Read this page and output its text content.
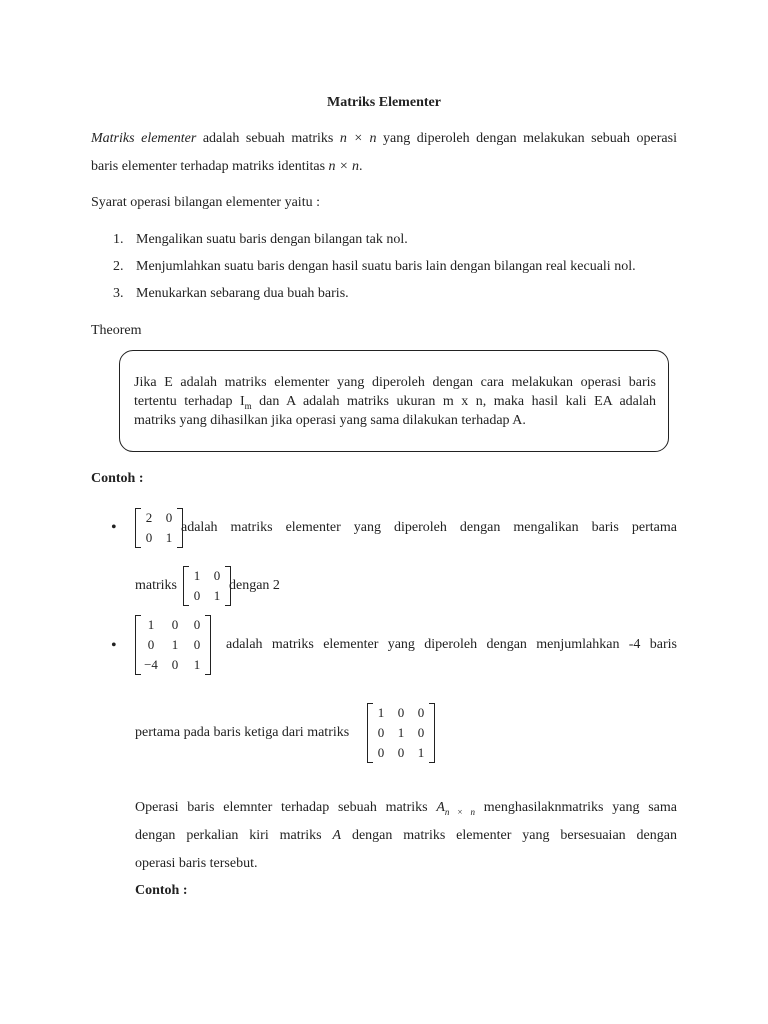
Matriks Elementer
Matriks elementer adalah sebuah matriks n × n yang diperoleh dengan melakukan sebuah operasi
baris elementer terhadap matriks identitas n × n.
Syarat operasi bilangan elementer yaitu :
1. Mengalikan suatu baris dengan bilangan tak nol.
2. Menjumlahkan suatu baris dengan hasil suatu baris lain dengan bilangan real kecuali nol.
3. Menukarkan sebarang dua buah baris.
Theorem
Jika E adalah matriks elementer yang diperoleh dengan cara melakukan operasi baris
tertentu terhadap $I_m$ dan A adalah matriks ukuran m x n, maka hasil kali EA adalah
matriks yang dihasilkan jika operasi yang sama dilakukan terhadap A.
Contoh :
•
2	0
0	1
adalah matriks elementer yang diperoleh dengan mengalikan baris pertama
matriks
1	0
0	1
dengan 2
•
1	0	0
0	1	0
−4	0	1
adalah matriks elementer yang diperoleh dengan menjumlahkan -4 baris
pertama pada baris ketiga dari matriks
1	0	0
0	1	0
0	0	1
Operasi baris elemnter terhadap sebuah matriks $A_{n \times n}$ menghasilaknmatriks yang sama
dengan perkalian kiri matriks A dengan matriks elementer yang bersesuaian dengan
operasi baris tersebut.
Contoh :
